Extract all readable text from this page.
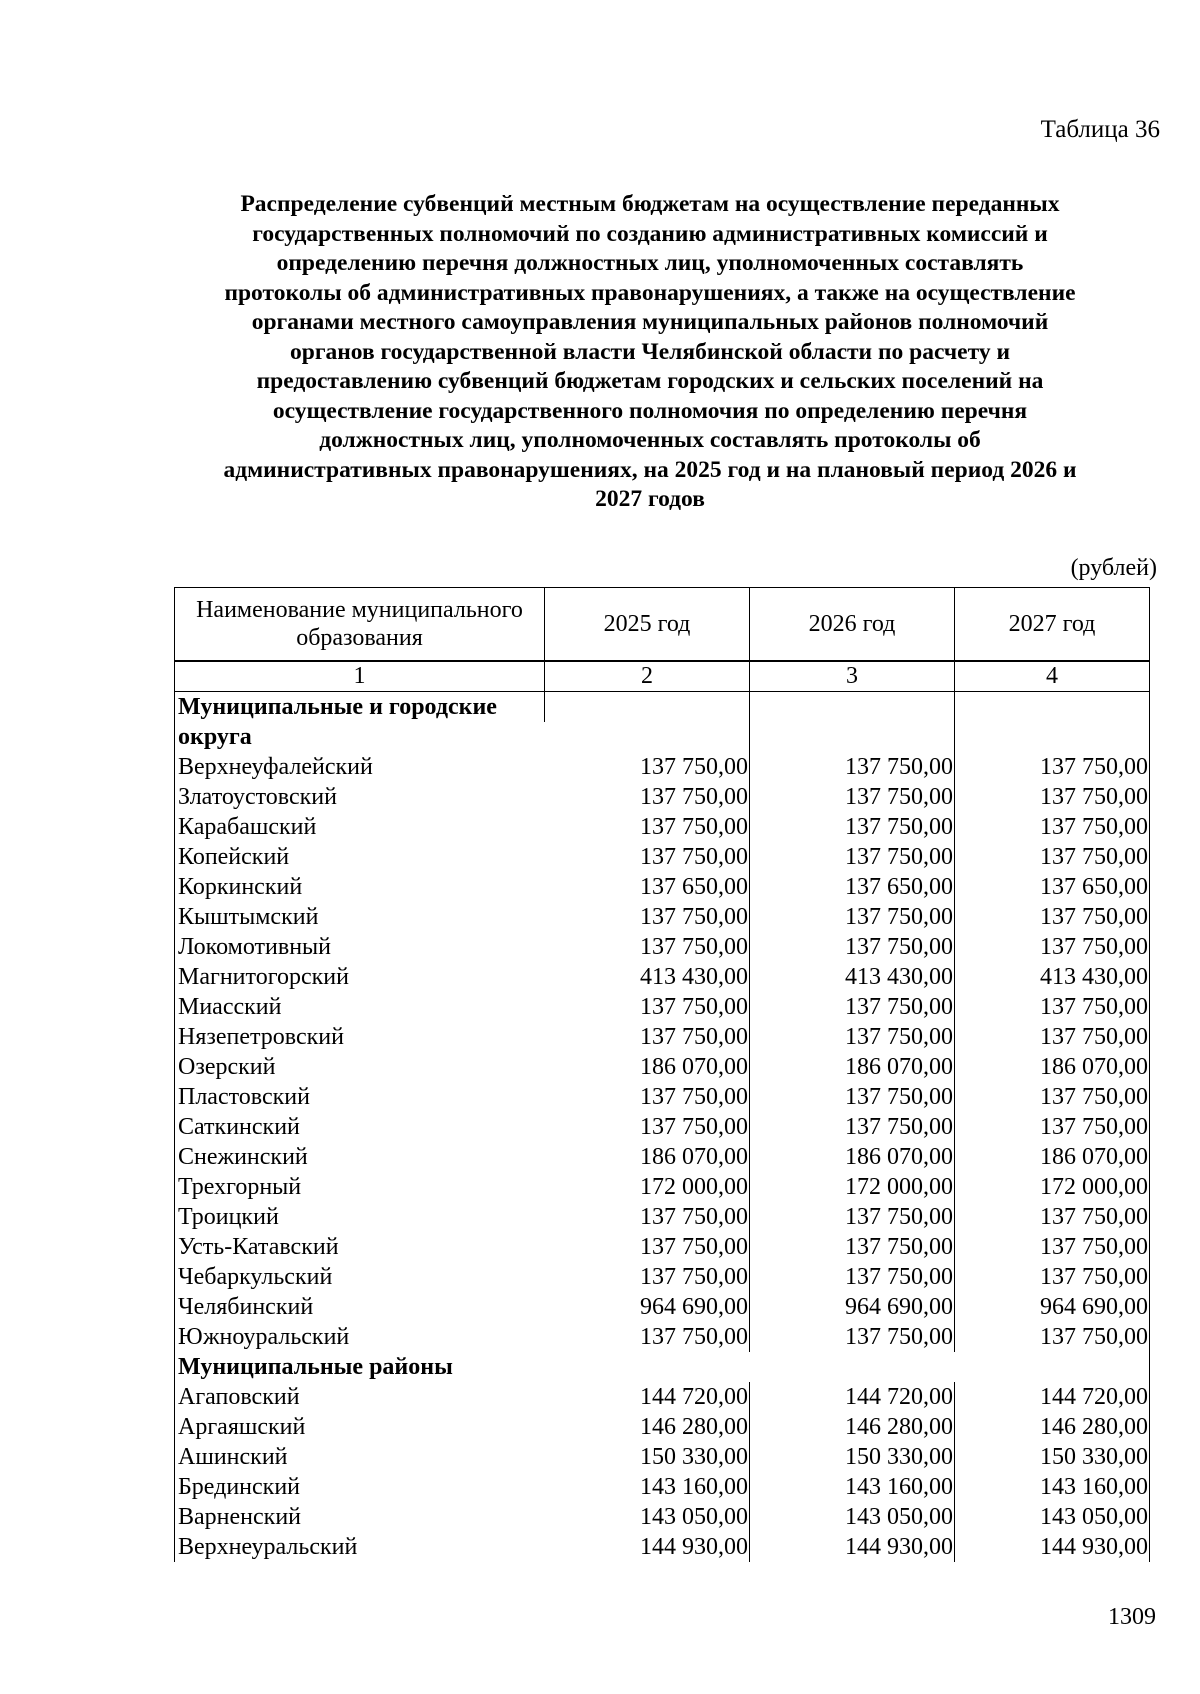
Таблица 36
Распределение субвенций местным бюджетам на осуществление переданных
государственных полномочий по созданию административных комиссий и
определению перечня должностных лиц, уполномоченных составлять
протоколы об административных правонарушениях, а также на осуществление
органами местного самоуправления муниципальных районов полномочий
органов государственной власти Челябинской области по расчету и
предоставлению субвенций бюджетам городских и сельских поселений на
осуществление государственного полномочия по определению перечня
должностных лиц, уполномоченных составлять протоколы об
административных правонарушениях, на 2025 год и на плановый период 2026 и
2027 годов
(рублей)
Наименование муниципального
образования	2025 год	2026 год	2027 год
1	2	3	4
Муниципальные и городские			
округа			
Верхнеуфалейский	137 750,00	137 750,00	137 750,00
Златоустовский	137 750,00	137 750,00	137 750,00
Карабашский	137 750,00	137 750,00	137 750,00
Копейский	137 750,00	137 750,00	137 750,00
Коркинский	137 650,00	137 650,00	137 650,00
Кыштымский	137 750,00	137 750,00	137 750,00
Локомотивный	137 750,00	137 750,00	137 750,00
Магнитогорский	413 430,00	413 430,00	413 430,00
Миасский	137 750,00	137 750,00	137 750,00
Нязепетровский	137 750,00	137 750,00	137 750,00
Озерский	186 070,00	186 070,00	186 070,00
Пластовский	137 750,00	137 750,00	137 750,00
Саткинский	137 750,00	137 750,00	137 750,00
Снежинский	186 070,00	186 070,00	186 070,00
Трехгорный	172 000,00	172 000,00	172 000,00
Троицкий	137 750,00	137 750,00	137 750,00
Усть-Катавский	137 750,00	137 750,00	137 750,00
Чебаркульский	137 750,00	137 750,00	137 750,00
Челябинский	964 690,00	964 690,00	964 690,00
Южноуральский	137 750,00	137 750,00	137 750,00
Муниципальные районы			
Агаповский	144 720,00	144 720,00	144 720,00
Аргаяшский	146 280,00	146 280,00	146 280,00
Ашинский	150 330,00	150 330,00	150 330,00
Брединский	143 160,00	143 160,00	143 160,00
Варненский	143 050,00	143 050,00	143 050,00
Верхнеуральский	144 930,00	144 930,00	144 930,00
1309
